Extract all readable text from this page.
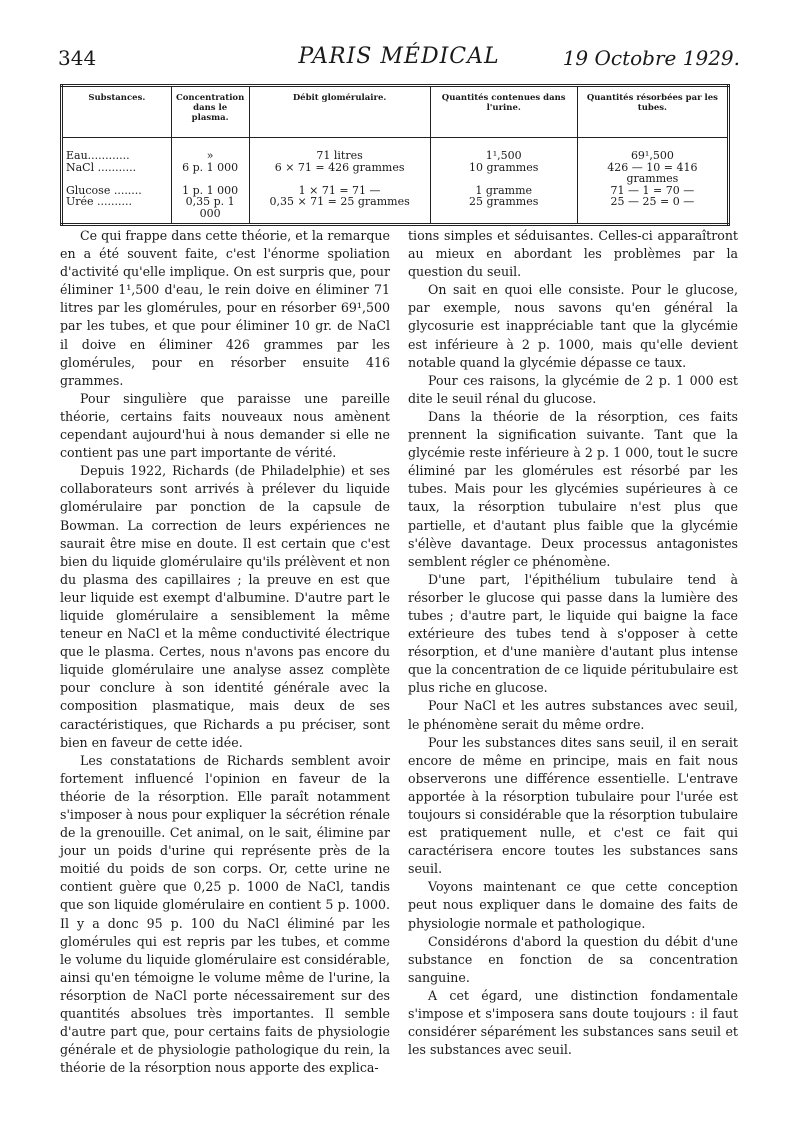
344	PARIS MÉDICAL	19 Octobre 1929.
Substances.	Concentration dans le plasma.	Débit glomérulaire.	Quantités contenues dans l'urine.	Quantités résorbées par les tubes.
Eau............	»	71 litres	1¹,500	69¹,500
NaCl ...........	6 p. 1 000	6 × 71 = 426 grammes	10 grammes	426 — 10 = 416 grammes
Glucose ........	1 p. 1 000	1 × 71 = 71 —	1 gramme	71 — 1 = 70 —
Urée ..........	0,35 p. 1 000	0,35 × 71 = 25 grammes	25 grammes	25 — 25 = 0 —

Ce qui frappe dans cette théorie, et la remarque en a été souvent faite, c'est l'énorme spoliation d'activité qu'elle implique. On est surpris que, pour éliminer 1¹,500 d'eau, le rein doive en éliminer 71 litres par les glomérules, pour en résorber 69¹,500 par les tubes, et que pour éliminer 10 gr. de NaCl il doive en éliminer 426 grammes par les glomérules, pour en résorber ensuite 416 grammes.

Pour singulière que paraisse une pareille théorie, certains faits nouveaux nous amènent cependant aujourd'hui à nous demander si elle ne contient pas une part importante de vérité.

Depuis 1922, Richards (de Philadelphie) et ses collaborateurs sont arrivés à prélever du liquide glomérulaire par ponction de la capsule de Bowman. La correction de leurs expériences ne saurait être mise en doute. Il est certain que c'est bien du liquide glomérulaire qu'ils prélèvent et non du plasma des capillaires ; la preuve en est que leur liquide est exempt d'albumine. D'autre part le liquide glomérulaire a sensiblement la même teneur en NaCl et la même conductivité électrique que le plasma. Certes, nous n'avons pas encore du liquide glomérulaire une analyse assez complète pour conclure à son identité générale avec la composition plasmatique, mais deux de ses caractéristiques, que Richards a pu préciser, sont bien en faveur de cette idée.

Les constatations de Richards semblent avoir fortement influencé l'opinion en faveur de la théorie de la résorption. Elle paraît notamment s'imposer à nous pour expliquer la sécrétion rénale de la grenouille. Cet animal, on le sait, élimine par jour un poids d'urine qui représente près de la moitié du poids de son corps. Or, cette urine ne contient guère que 0,25 p. 1000 de NaCl, tandis que son liquide glomérulaire en contient 5 p. 1000. Il y a donc 95 p. 100 du NaCl éliminé par les glomérules qui est repris par les tubes, et comme le volume du liquide glomérulaire est considérable, ainsi qu'en témoigne le volume même de l'urine, la résorption de NaCl porte nécessairement sur des quantités absolues très importantes. Il semble d'autre part que, pour certains faits de physiologie générale et de physiologie pathologique du rein, la théorie de la résorption nous apporte des explica-

tions simples et séduisantes. Celles-ci apparaîtront au mieux en abordant les problèmes par la question du seuil.

On sait en quoi elle consiste. Pour le glucose, par exemple, nous savons qu'en général la glycosurie est inappréciable tant que la glycémie est inférieure à 2 p. 1000, mais qu'elle devient notable quand la glycémie dépasse ce taux.

Pour ces raisons, la glycémie de 2 p. 1 000 est dite le seuil rénal du glucose.

Dans la théorie de la résorption, ces faits prennent la signification suivante. Tant que la glycémie reste inférieure à 2 p. 1 000, tout le sucre éliminé par les glomérules est résorbé par les tubes. Mais pour les glycémies supérieures à ce taux, la résorption tubulaire n'est plus que partielle, et d'autant plus faible que la glycémie s'élève davantage. Deux processus antagonistes semblent régler ce phénomène.

D'une part, l'épithélium tubulaire tend à résorber le glucose qui passe dans la lumière des tubes ; d'autre part, le liquide qui baigne la face extérieure des tubes tend à s'opposer à cette résorption, et d'une manière d'autant plus intense que la concentration de ce liquide péritubulaire est plus riche en glucose.

Pour NaCl et les autres substances avec seuil, le phénomène serait du même ordre.

Pour les substances dites sans seuil, il en serait encore de même en principe, mais en fait nous observerons une différence essentielle. L'entrave apportée à la résorption tubulaire pour l'urée est toujours si considérable que la résorption tubulaire est pratiquement nulle, et c'est ce fait qui caractérisera encore toutes les substances sans seuil.

Voyons maintenant ce que cette conception peut nous expliquer dans le domaine des faits de physiologie normale et pathologique.

Considérons d'abord la question du débit d'une substance en fonction de sa concentration sanguine.

A cet égard, une distinction fondamentale s'impose et s'imposera sans doute toujours : il faut considérer séparément les substances sans seuil et les substances avec seuil.
